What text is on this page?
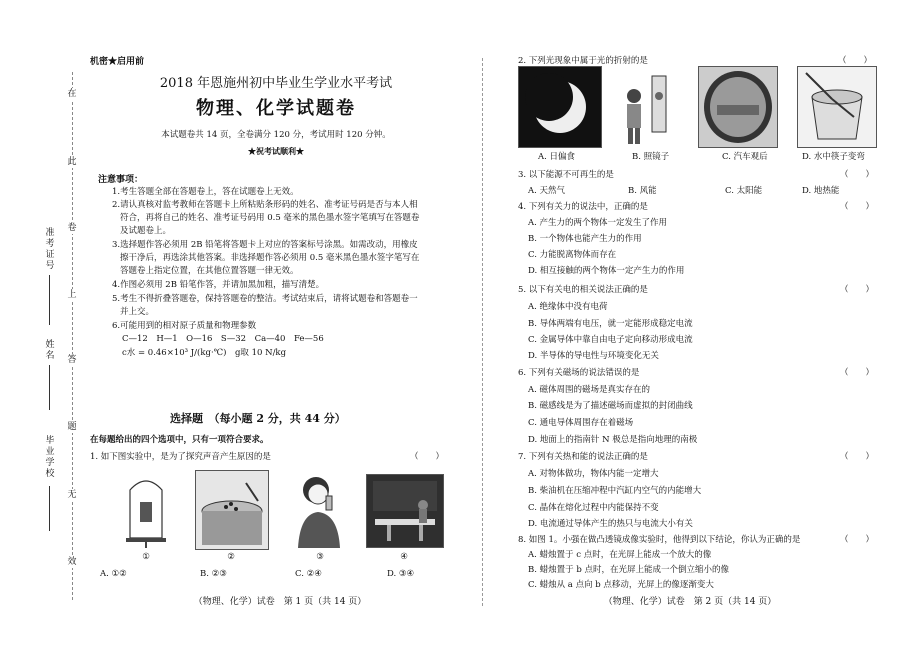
在
此
卷
上
答
题
无
效
准考证号
姓名
毕业学校
机密★启用前
2018 年恩施州初中毕业生学业水平考试
物理、化学试题卷
本试题卷共 14 页，全卷满分 120 分，考试用时 120 分钟。
★祝考试顺利★
注意事项：
1.考生答题全部在答题卷上，答在试题卷上无效。
2.请认真核对监考教师在答题卡上所粘贴条形码的姓名、准考证号码是否与本人相
符合，再将自己的姓名、准考证号码用 0.5 毫米的黑色墨水签字笔填写在答题卷
及试题卷上。
3.选择题作答必须用 2B 铅笔将答题卡上对应的答案标号涂黑。如需改动，用橡皮
擦干净后，再选涂其他答案。非选择题作答必须用 0.5 毫米黑色墨水签字笔写在
答题卷上指定位置，在其他位置答题一律无效。
4.作图必须用 2B 铅笔作答，并请加黑加粗，描写清楚。
5.考生不得折叠答题卷，保持答题卷的整洁。考试结束后，请将试题卷和答题卷一
并上交。
6.可能用到的相对原子质量和物理参数
C—12　H—1　O—16　S—32　Ca—40　Fe—56
c水 = 0.46×10³ J/(kg·℃)　g取 10 N/kg
选择题　（每小题 2 分，共 44 分）
在每题给出的四个选项中，只有一项符合要求。
1. 如下图实验中，是为了探究声音产生原因的是	（　　）
①	②	③	④
A. ①②	B. ②③	C. ②④	D. ③④
（物理、化学）试卷　第 1 页（共 14 页）
2. 下列光现象中属于光的折射的是	（　　）
A. 日偏食	B. 照镜子	C. 汽车观后	D. 水中筷子变弯
3. 以下能源不可再生的是	（　　）
A. 天然气	B. 风能	C. 太阳能	D. 地热能
4. 下列有关力的说法中，正确的是	（　　）
A. 产生力的两个物体一定发生了作用
B. 一个物体也能产生力的作用
C. 力能脱离物体而存在
D. 相互接触的两个物体一定产生力的作用
5. 以下有关电的相关说法正确的是	（　　）
A. 绝缘体中没有电荷
B. 导体两端有电压，就一定能形成稳定电流
C. 金属导体中靠自由电子定向移动形成电流
D. 半导体的导电性与环境变化无关
6. 下列有关磁场的说法错误的是	（　　）
A. 磁体周围的磁场是真实存在的
B. 磁感线是为了描述磁场而虚拟的封闭曲线
C. 通电导体周围存在着磁场
D. 地面上的指南针 N 极总是指向地理的南极
7. 下列有关热和能的说法正确的是	（　　）
A. 对物体做功，物体内能一定增大
B. 柴油机在压缩冲程中汽缸内空气的内能增大
C. 晶体在熔化过程中内能保持不变
D. 电流通过导体产生的热只与电流大小有关
8. 如图 1。小强在做凸透镜成像实验时，他得到以下结论，你认为正确的是	（　　）
A. 蜡烛置于 c 点时，在光屏上能成一个放大的像
B. 蜡烛置于 b 点时，在光屏上能成一个倒立缩小的像
C. 蜡烛从 a 点向 b 点移动，光屏上的像逐渐变大
（物理、化学）试卷　第 2 页（共 14 页）
